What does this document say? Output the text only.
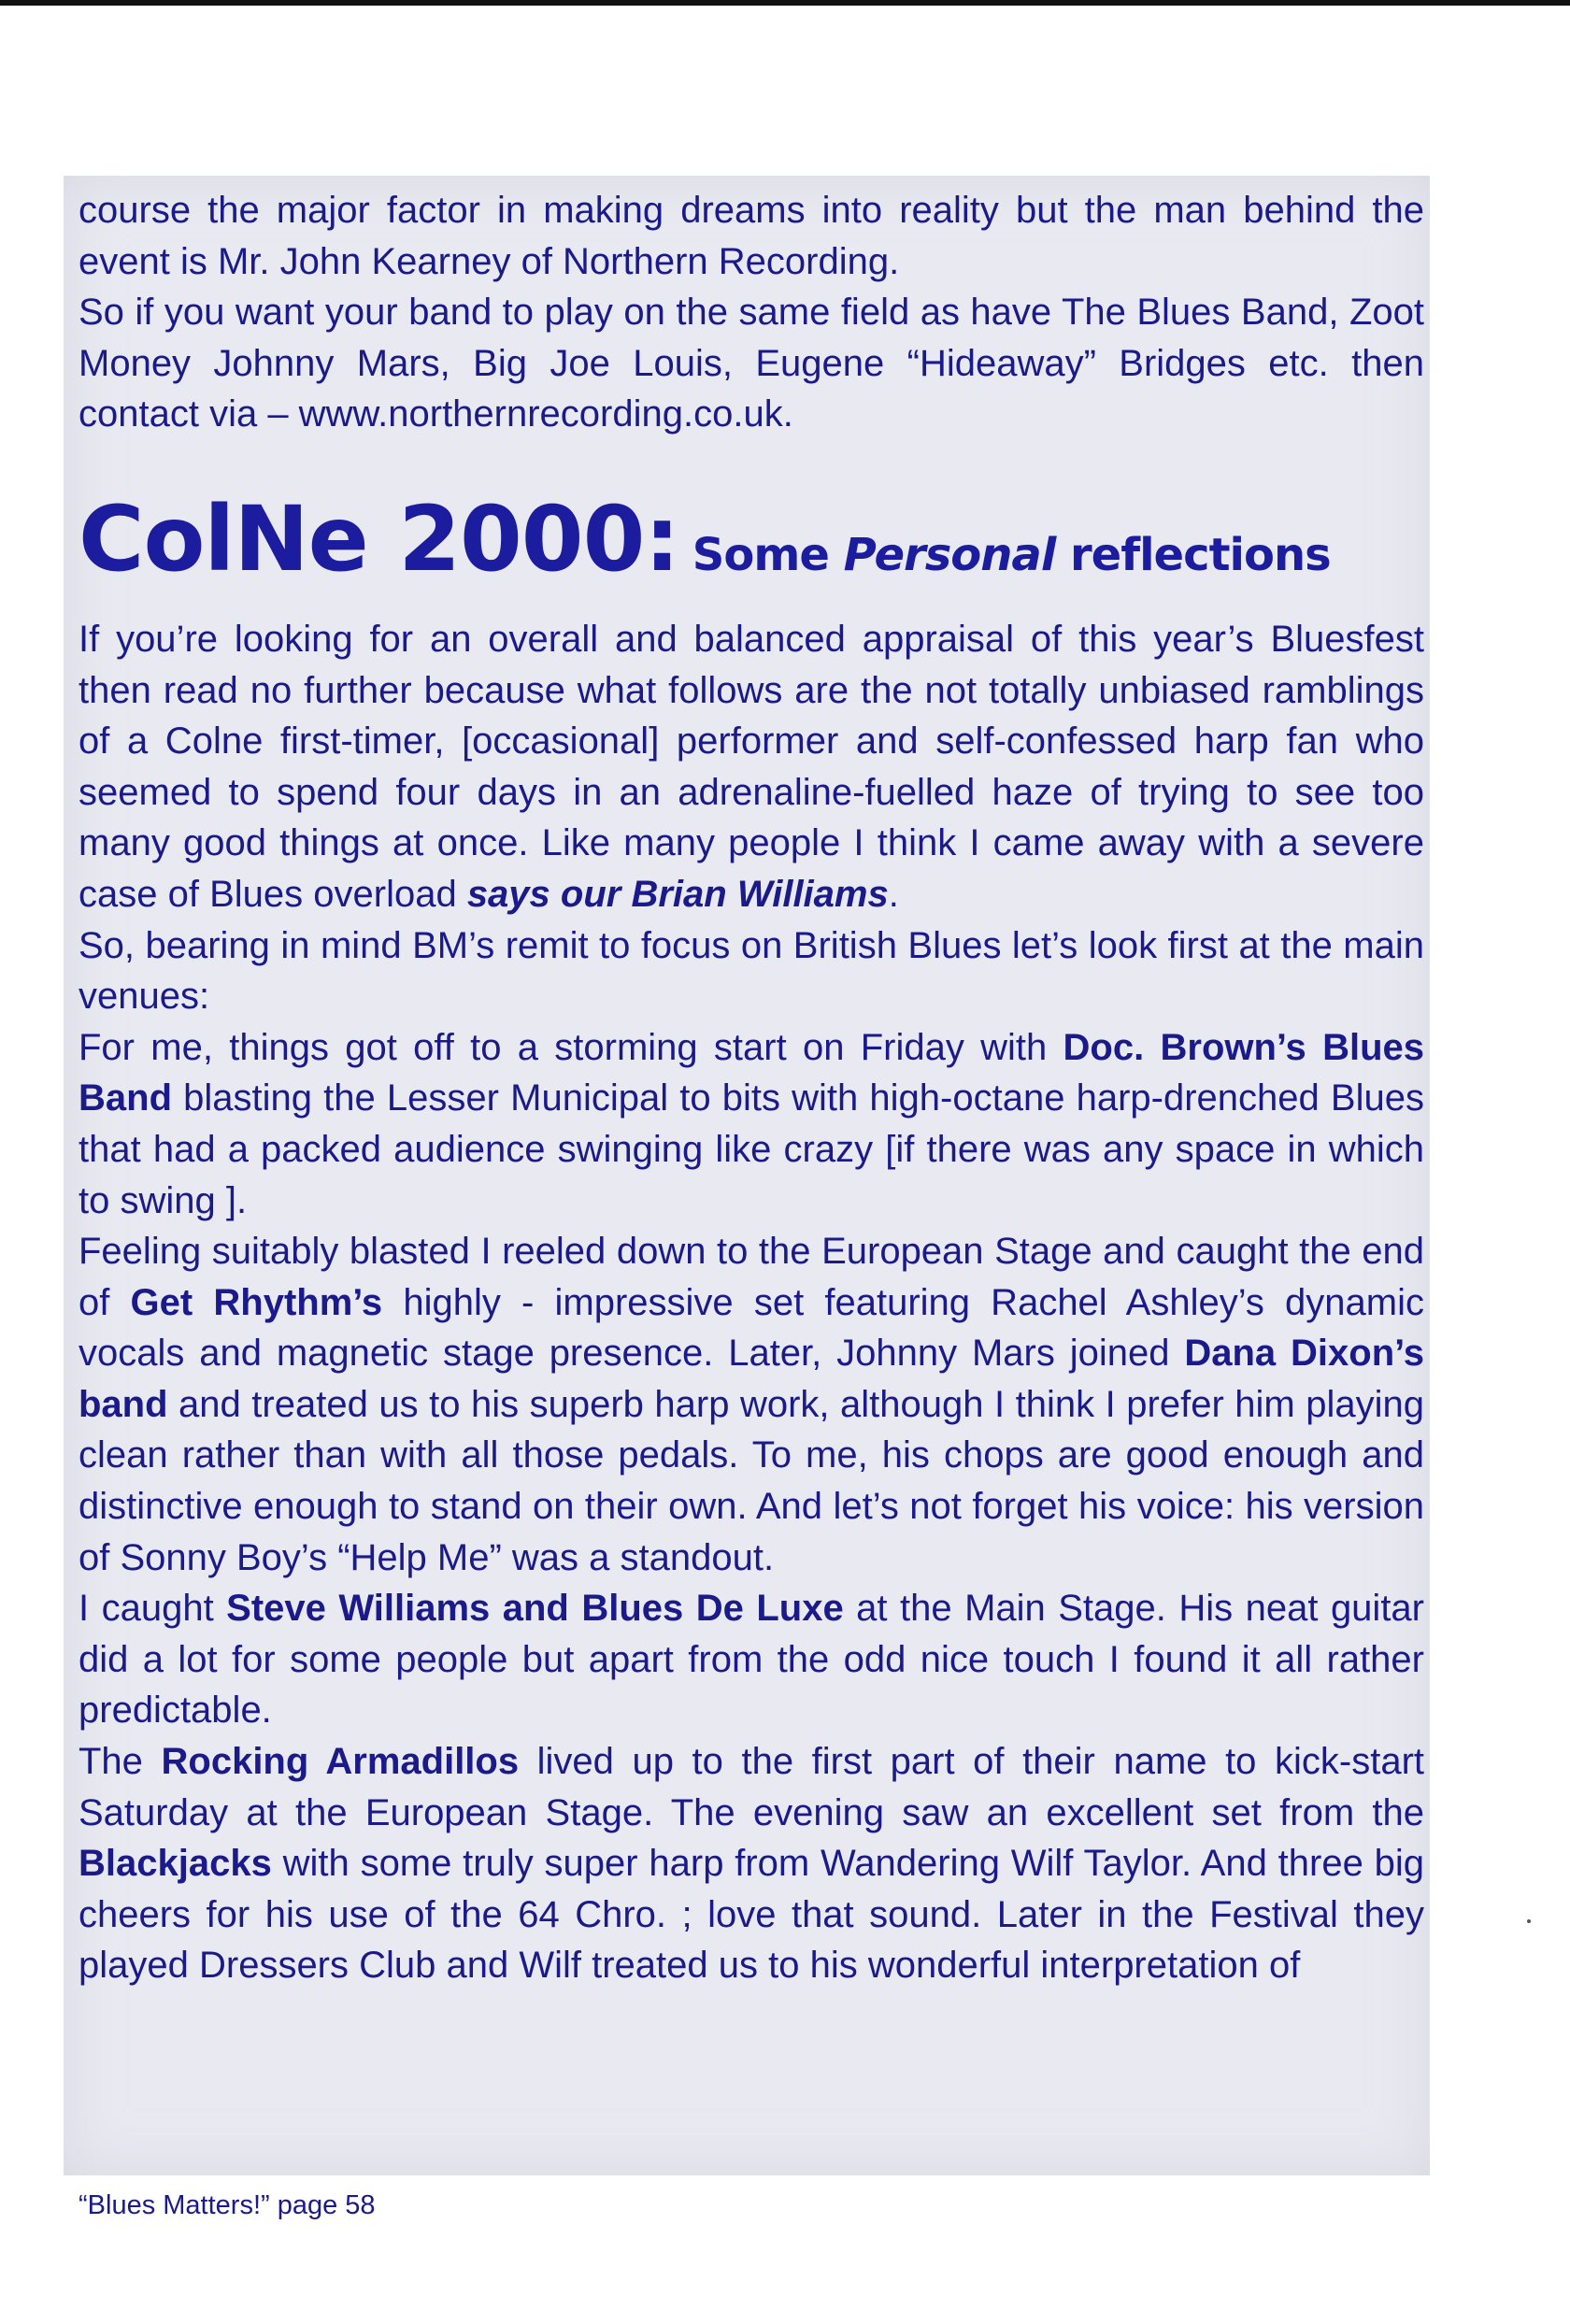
course the major factor in making dreams into reality but the man behind the event is Mr. John Kearney of Northern Recording.

So if you want your band to play on the same field as have The Blues Band, Zoot Money Johnny Mars, Big Joe Louis, Eugene “Hideaway” Bridges etc. then contact via – www.northernrecording.co.uk.

ColNe 2000: Some Personal reflections

If you’re looking for an overall and balanced appraisal of this year’s Bluesfest then read no further because what follows are the not totally unbiased ramblings of a Colne first-timer, [occasional] performer and self-confessed harp fan who seemed to spend four days in an adrenaline-fuelled haze of trying to see too many good things at once. Like many people I think I came away with a severe case of Blues overload says our Brian Williams.

So, bearing in mind BM’s remit to focus on British Blues let’s look first at the main venues:

For me, things got off to a storming start on Friday with Doc. Brown’s Blues Band blasting the Lesser Municipal to bits with high-octane harp-drenched Blues that had a packed audience swinging like crazy [if there was any space in which to swing ].

Feeling suitably blasted I reeled down to the European Stage and caught the end of Get Rhythm’s highly - impressive set featuring Rachel Ashley’s dynamic vocals and magnetic stage presence. Later, Johnny Mars joined Dana Dixon’s band and treated us to his superb harp work, although I think I prefer him playing clean rather than with all those pedals. To me, his chops are good enough and distinctive enough to stand on their own. And let’s not forget his voice: his version of Sonny Boy’s “Help Me” was a standout.

I caught Steve Williams and Blues De Luxe at the Main Stage. His neat guitar did a lot for some people but apart from the odd nice touch I found it all rather predictable.

The Rocking Armadillos lived up to the first part of their name to kick-start Saturday at the European Stage. The evening saw an excellent set from the Blackjacks with some truly super harp from Wandering Wilf Taylor. And three big cheers for his use of the 64 Chro. ; love that sound. Later in the Festival they played Dressers Club and Wilf treated us to his wonderful interpretation of

“Blues Matters!” page 58
